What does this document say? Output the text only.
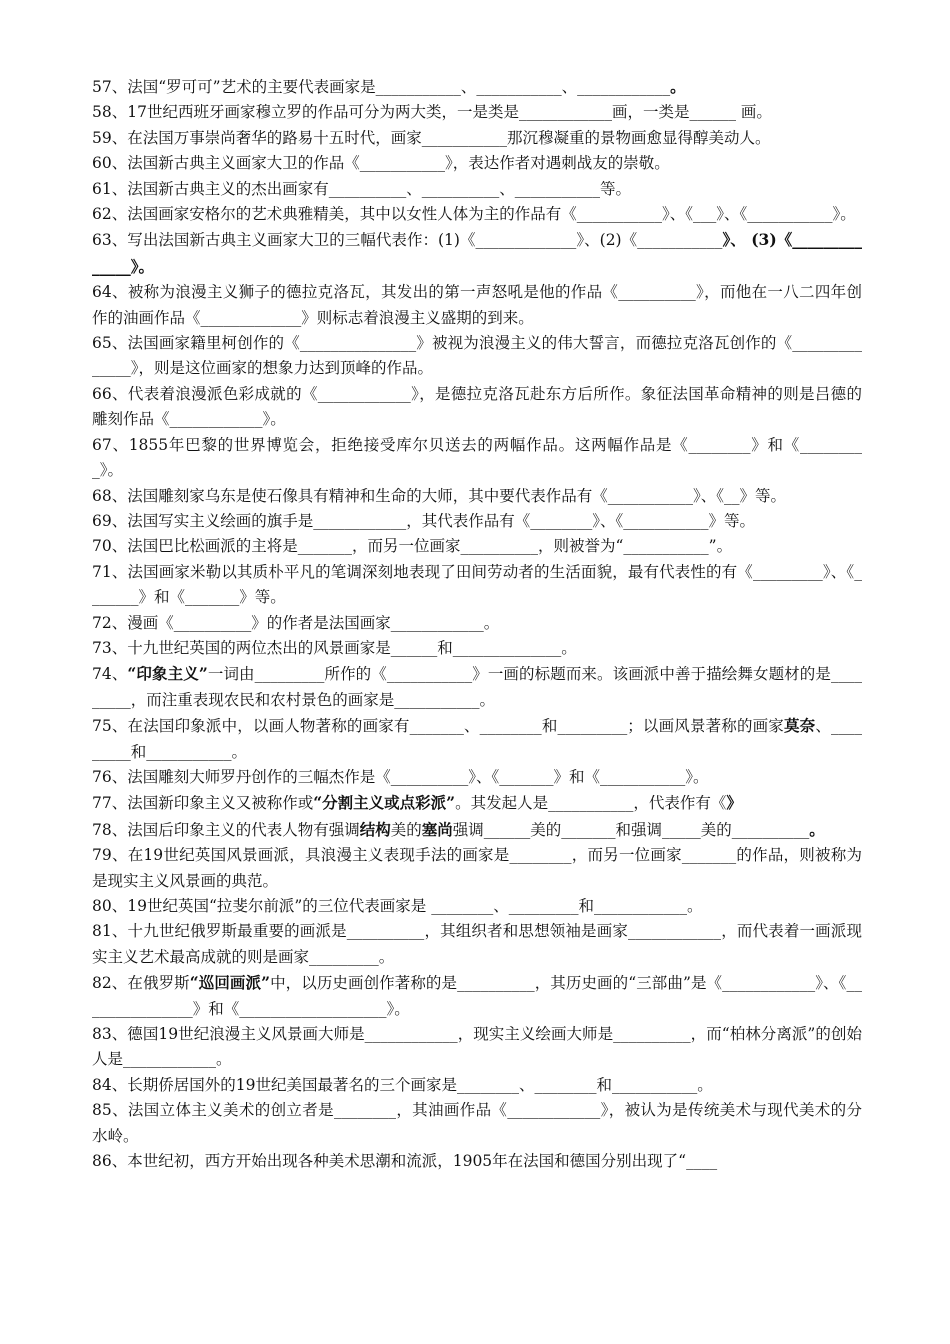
57、法国“罗可可”艺术的主要代表画家是___________、___________、____________。

58、17世纪西班牙画家穆立罗的作品可分为两大类，一是类是____________画，一类是______ 画。

59、在法国万事崇尚奢华的路易十五时代，画家___________那沉穆凝重的景物画愈显得醇美动人。

60、法国新古典主义画家大卫的作品《___________》，表达作者对遇刺战友的崇敬。

61、法国新古典主义的杰出画家有__________、__________、___________等。

62、法国画家安格尔的艺术典雅精美，其中以女性人体为主的作品有《___________》、《___》、《___________》。

63、写出法国新古典主义画家大卫的三幅代表作：(1)《_____________》、(2)《___________》、 (3)《______________》。

64、被称为浪漫主义狮子的德拉克洛瓦，其发出的第一声怒吼是他的作品《__________》，而他在一八二四年创作的油画作品《_____________》则标志着浪漫主义盛期的到来。

65、法国画家籍里柯创作的《_______________》被视为浪漫主义的伟大誓言，而德拉克洛瓦创作的《______________》，则是这位画家的想象力达到顶峰的作品。

66、代表着浪漫派色彩成就的《____________》，是德拉克洛瓦赴东方后所作。象征法国革命精神的则是吕德的雕刻作品《____________》。

67、1855年巴黎的世界博览会，拒绝接受库尔贝送去的两幅作品。这两幅作品是《________》和《_________》。

68、法国雕刻家乌东是使石像具有精神和生命的大师，其中要代表作品有《___________》、《__》等。

69、法国写实主义绘画的旗手是____________，其代表作品有《________》、《___________》等。

70、法国巴比松画派的主将是_______，而另一位画家__________，则被誉为“___________”。

71、法国画家米勒以其质朴平凡的笔调深刻地表现了田间劳动者的生活面貌，最有代表性的有《_________》、《_______》和《_______》等。

72、漫画《__________》的作者是法国画家____________。

73、十九世纪英国的两位杰出的风景画家是______和______________。

74、“印象主义”一词由_________所作的《___________》一画的标题而来。该画派中善于描绘舞女题材的是_________，而注重表现农民和农村景色的画家是___________。

75、在法国印象派中，以画人物著称的画家有_______、________和_________；以画风景著称的画家莫奈、_________和___________。

76、法国雕刻大师罗丹创作的三幅杰作是《__________》、《_______》和《___________》。

77、法国新印象主义又被称作或“分割主义或点彩派”。其发起人是___________，代表作有《》

78、法国后印象主义的代表人物有强调结构美的塞尚强调______美的_______和强调_____美的__________。

79、在19世纪英国风景画派，具浪漫主义表现手法的画家是________，而另一位画家_______的作品，则被称为是现实主义风景画的典范。

80、19世纪英国“拉斐尔前派”的三位代表画家是 ________、_________和____________。

81、十九世纪俄罗斯最重要的画派是__________，其组织者和思想领袖是画家____________，而代表着一画派现实主义艺术最高成就的则是画家_________。

82、在俄罗斯“巡回画派”中，以历史画创作著称的是__________，其历史画的“三部曲”是《____________》、《_______________》和《___________________》。

83、德国19世纪浪漫主义风景画大师是____________，现实主义绘画大师是__________，而“柏林分离派”的创始人是____________。

84、长期侨居国外的19世纪美国最著名的三个画家是________、________和___________。

85、法国立体主义美术的创立者是________，其油画作品《____________》，被认为是传统美术与现代美术的分水岭。

86、本世纪初，西方开始出现各种美术思潮和流派，1905年在法国和德国分别出现了“____
